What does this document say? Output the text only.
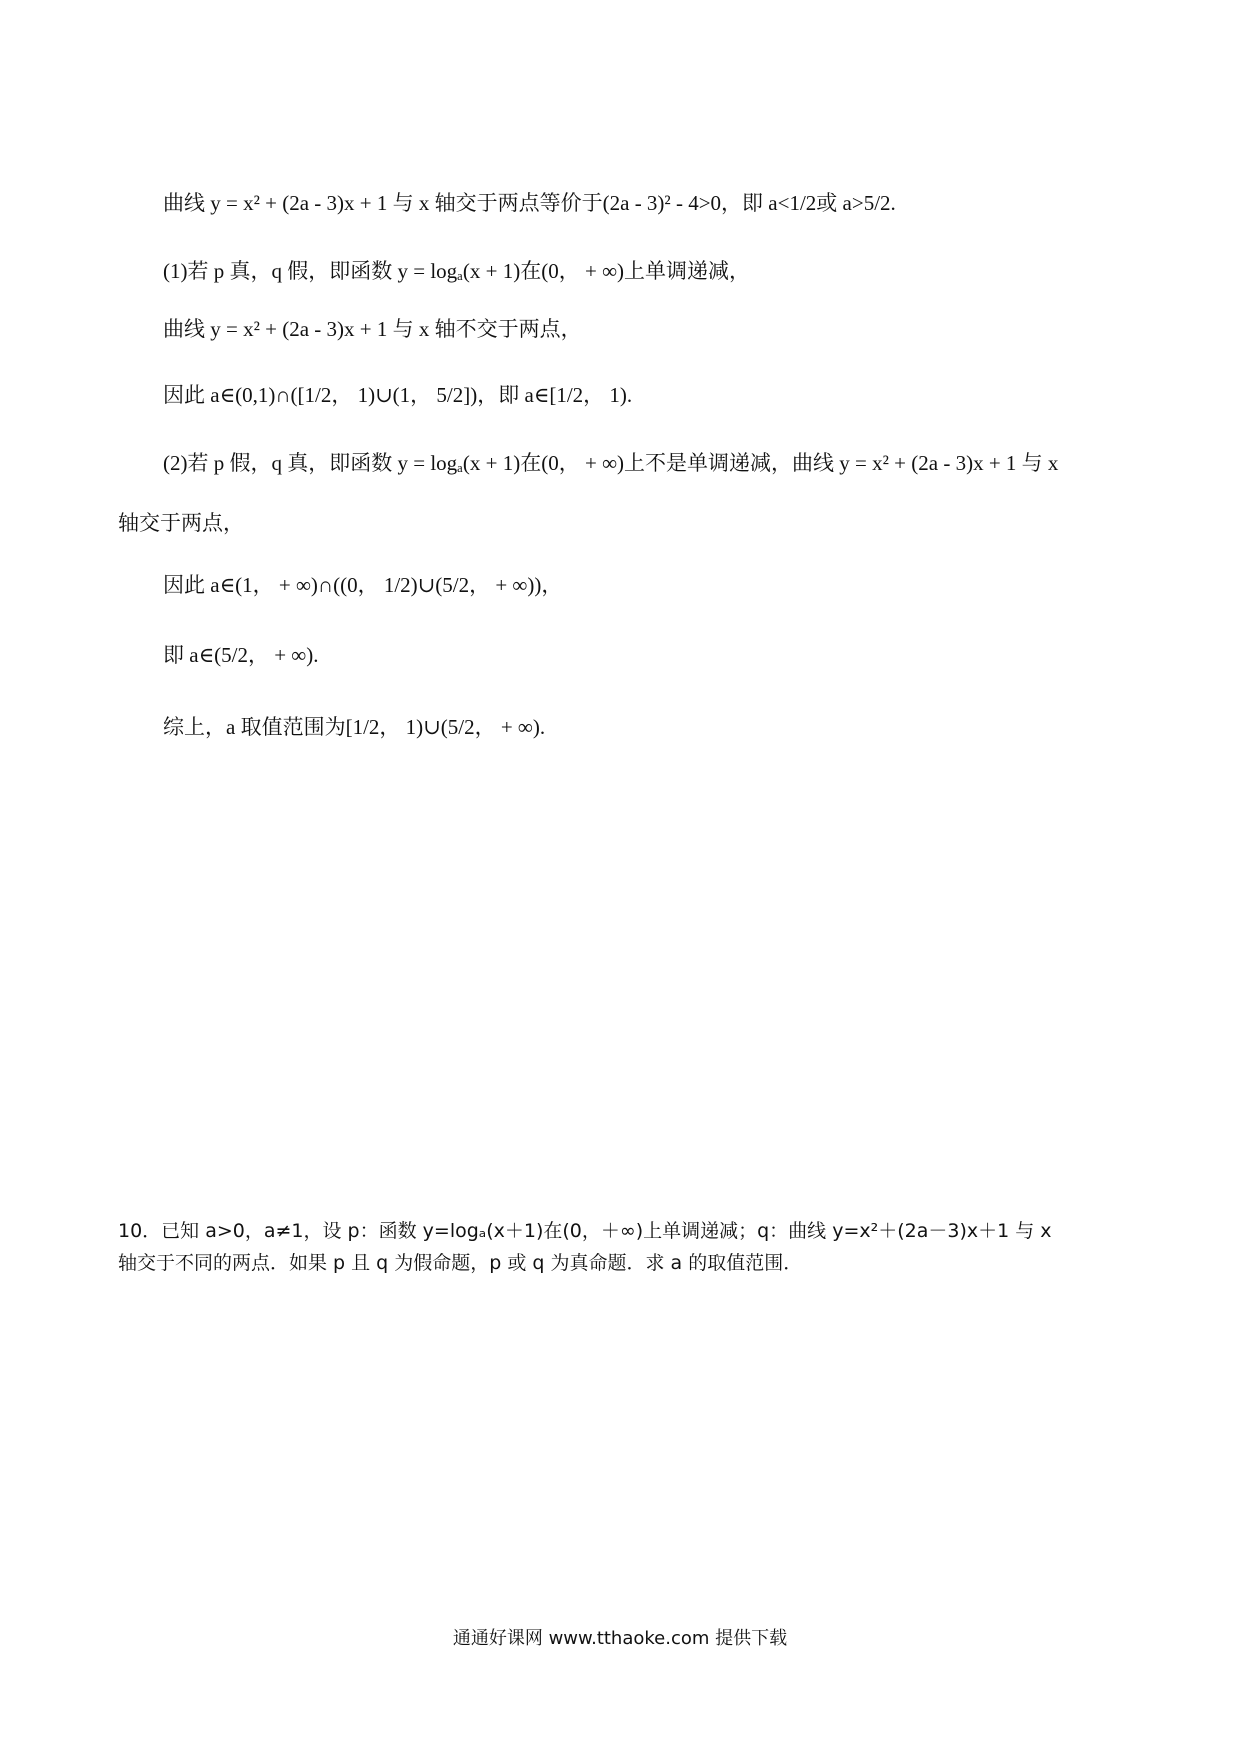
曲线 y = x² + (2a - 3)x + 1 与 x 轴交于两点等价于(2a - 3)² - 4>0，即 a<1/2或 a>5/2.
(1)若 p 真，q 假，即函数 y = logₐ(x + 1)在(0， + ∞)上单调递减，
曲线 y = x² + (2a - 3)x + 1 与 x 轴不交于两点，
因此 a∈(0,1)∩([1/2， 1)∪(1， 5/2])，即 a∈[1/2， 1).
(2)若 p 假，q 真，即函数 y = logₐ(x + 1)在(0， + ∞)上不是单调递减，曲线 y = x² + (2a - 3)x + 1 与 x
轴交于两点，
因此 a∈(1， + ∞)∩((0， 1/2)∪(5/2， + ∞))，
即 a∈(5/2， + ∞).
综上，a 取值范围为[1/2， 1)∪(5/2， + ∞).
10．已知 a>0，a≠1，设 p：函数 y=logₐ(x＋1)在(0，＋∞)上单调递减；q：曲线 y=x²＋(2a－3)x＋1 与 x
轴交于不同的两点．如果 p 且 q 为假命题，p 或 q 为真命题．求 a 的取值范围．
通通好课网 www.tthaoke.com 提供下载
